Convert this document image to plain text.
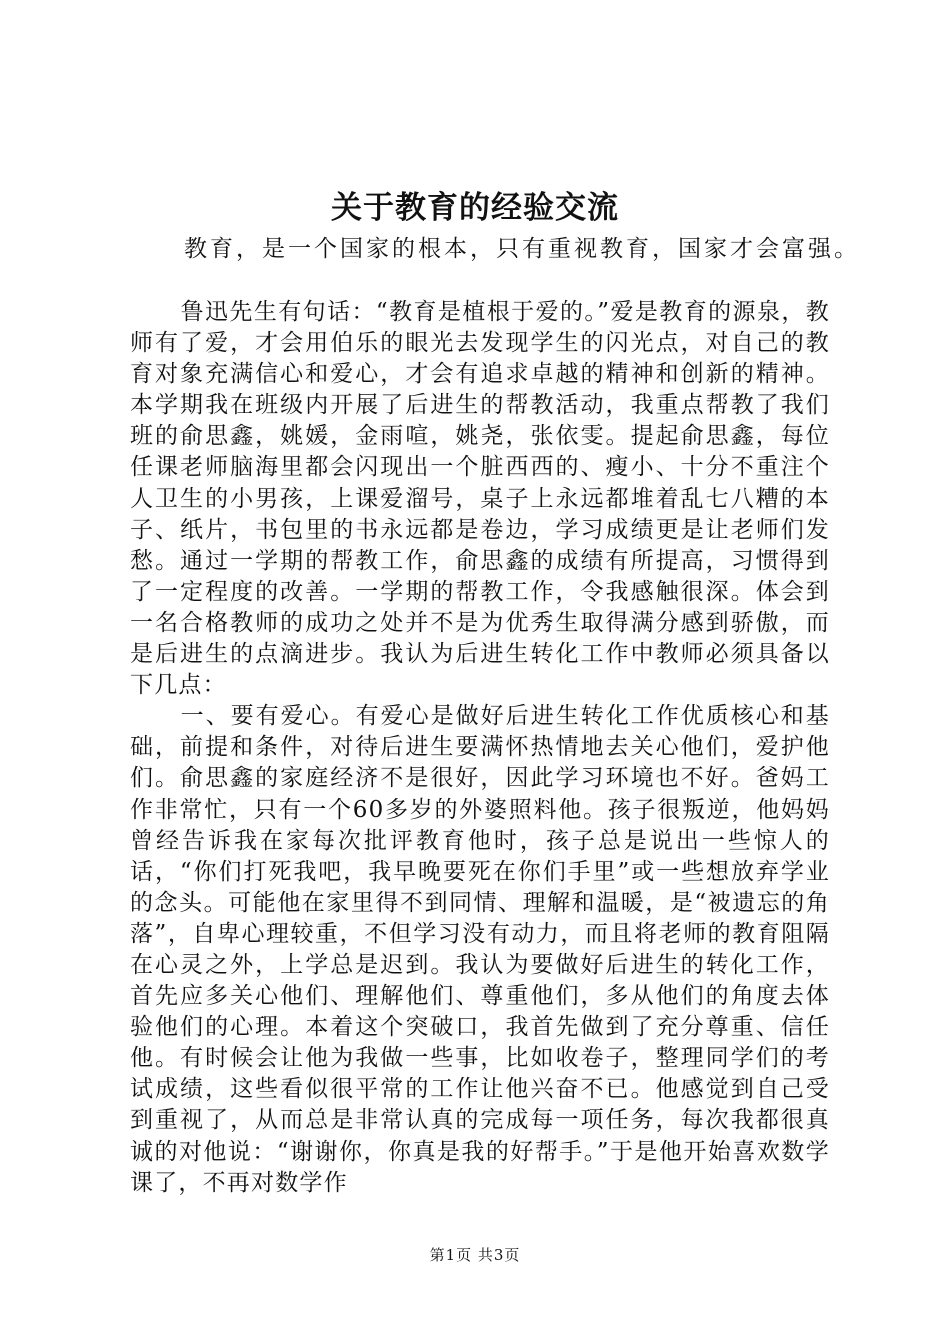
关于教育的经验交流
教育，是一个国家的根本，只有重视教育，国家才会富强。

鲁迅先生有句话：“教育是植根于爱的。”爱是教育的源泉，教师有了爱，才会用伯乐的眼光去发现学生的闪光点，对自己的教育对象充满信心和爱心，才会有追求卓越的精神和创新的精神。本学期我在班级内开展了后进生的帮教活动，我重点帮教了我们班的俞思鑫，姚媛，金雨喧，姚尧，张依雯。提起俞思鑫，每位任课老师脑海里都会闪现出一个脏西西的、瘦小、十分不重注个人卫生的小男孩，上课爱溜号，桌子上永远都堆着乱七八糟的本子、纸片，书包里的书永远都是卷边，学习成绩更是让老师们发愁。通过一学期的帮教工作，俞思鑫的成绩有所提高，习惯得到了一定程度的改善。一学期的帮教工作，令我感触很深。体会到一名合格教师的成功之处并不是为优秀生取得满分感到骄傲，而是后进生的点滴进步。我认为后进生转化工作中教师必须具备以下几点：

一、要有爱心。有爱心是做好后进生转化工作优质核心和基础，前提和条件，对待后进生要满怀热情地去关心他们，爱护他们。俞思鑫的家庭经济不是很好，因此学习环境也不好。爸妈工作非常忙，只有一个60多岁的外婆照料他。孩子很叛逆，他妈妈曾经告诉我在家每次批评教育他时，孩子总是说出一些惊人的话，“你们打死我吧，我早晚要死在你们手里”或一些想放弃学业的念头。可能他在家里得不到同情、理解和温暖，是“被遗忘的角落”，自卑心理较重，不但学习没有动力，而且将老师的教育阻隔在心灵之外，上学总是迟到。我认为要做好后进生的转化工作，首先应多关心他们、理解他们、尊重他们，多从他们的角度去体验他们的心理。本着这个突破口，我首先做到了充分尊重、信任他。有时候会让他为我做一些事，比如收卷子，整理同学们的考试成绩，这些看似很平常的工作让他兴奋不已。他感觉到自己受到重视了，从而总是非常认真的完成每一项任务，每次我都很真诚的对他说：“谢谢你，你真是我的好帮手。”于是他开始喜欢数学课了，不再对数学作

第1页 共3页
